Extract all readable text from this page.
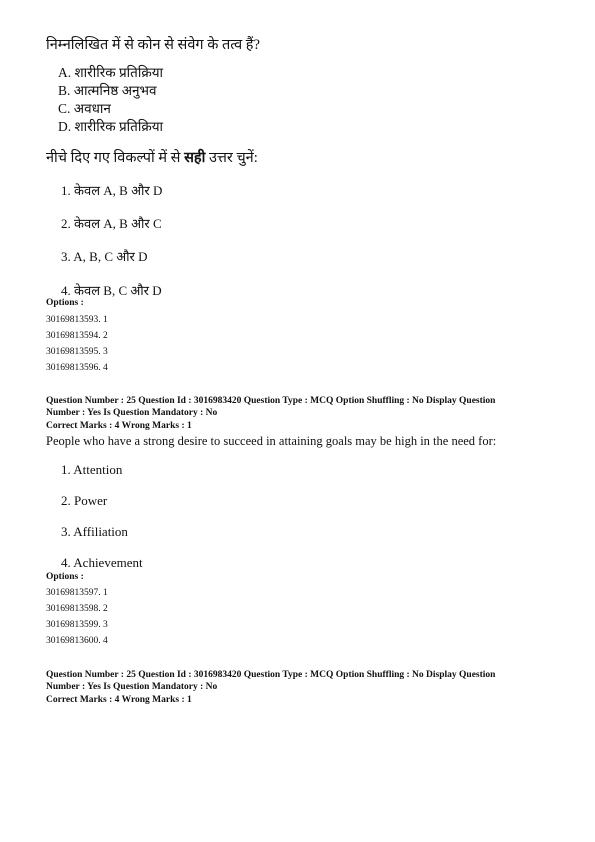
निम्नलिखित में से कोन से संवेग के तत्व हैं?
A. शारीरिक प्रतिक्रिया
B. आत्मनिष्ठ अनुभव
C. अवधान
D. शारीरिक प्रतिक्रिया
नीचे दिए गए विकल्पों में से सही उत्तर चुनें:
1. केवल A, B और D
2. केवल A, B और C
3. A, B, C और D
4. केवल B, C और D
Options :
30169813593. 1
30169813594. 2
30169813595. 3
30169813596. 4
Question Number : 25 Question Id : 3016983420 Question Type : MCQ Option Shuffling : No Display Question
Number : Yes Is Question Mandatory : No
Correct Marks : 4 Wrong Marks : 1
People who have a strong desire to succeed in attaining goals may be high in the need for:
1. Attention
2. Power
3. Affiliation
4. Achievement
Options :
30169813597. 1
30169813598. 2
30169813599. 3
30169813600. 4
Question Number : 25 Question Id : 3016983420 Question Type : MCQ Option Shuffling : No Display Question
Number : Yes Is Question Mandatory : No
Correct Marks : 4 Wrong Marks : 1
